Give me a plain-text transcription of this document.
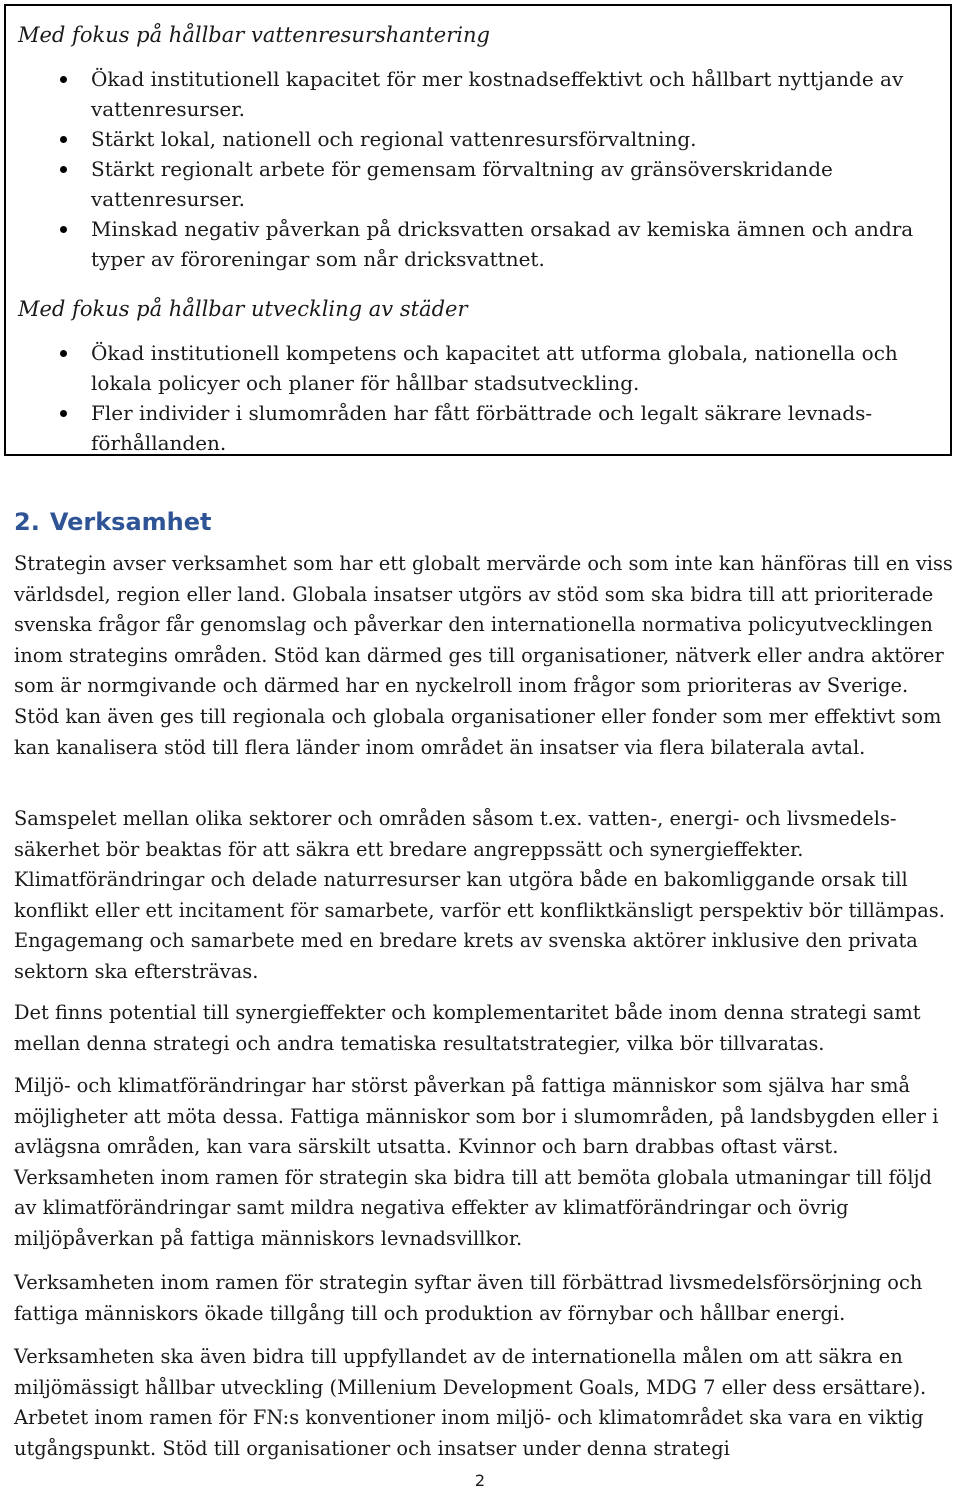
Med fokus på hållbar vattenresurshantering

Ökad institutionell kapacitet för mer kostnadseffektivt och hållbart nyttjande av vattenresurser.
Stärkt lokal, nationell och regional vattenresursförvaltning.
Stärkt regionalt arbete för gemensam förvaltning av gränsöverskridande vattenresurser.
Minskad negativ påverkan på dricksvatten orsakad av kemiska ämnen och andra typer av föroreningar som når dricksvattnet.

Med fokus på hållbar utveckling av städer

Ökad institutionell kompetens och kapacitet att utforma globala, nationella och lokala policyer och planer för hållbar stadsutveckling.
Fler individer i slumområden har fått förbättrade och legalt säkrare levnads-förhållanden.
2. Verksamhet

Strategin avser verksamhet som har ett globalt mervärde och som inte kan hänföras till en viss världsdel, region eller land. Globala insatser utgörs av stöd som ska bidra till att prioriterade svenska frågor får genomslag och påverkar den internationella normativa policyutvecklingen inom strategins områden. Stöd kan därmed ges till organisationer, nätverk eller andra aktörer som är normgivande och därmed har en nyckelroll inom frågor som prioriteras av Sverige. Stöd kan även ges till regionala och globala organisationer eller fonder som mer effektivt som kan kanalisera stöd till flera länder inom området än insatser via flera bilaterala avtal.

Samspelet mellan olika sektorer och områden såsom t.ex. vatten-, energi- och livsmedels-säkerhet bör beaktas för att säkra ett bredare angreppssätt och synergieffekter. Klimatförändringar och delade naturresurser kan utgöra både en bakomliggande orsak till konflikt eller ett incitament för samarbete, varför ett konfliktkänsligt perspektiv bör tillämpas. Engagemang och samarbete med en bredare krets av svenska aktörer inklusive den privata sektorn ska eftersträvas.

Det finns potential till synergieffekter och komplementaritet både inom denna strategi samt mellan denna strategi och andra tematiska resultatstrategier, vilka bör tillvaratas.

Miljö- och klimatförändringar har störst påverkan på fattiga människor som själva har små möjligheter att möta dessa. Fattiga människor som bor i slumområden, på landsbygden eller i avlägsna områden, kan vara särskilt utsatta. Kvinnor och barn drabbas oftast värst. Verksamheten inom ramen för strategin ska bidra till att bemöta globala utmaningar till följd av klimatförändringar samt mildra negativa effekter av klimatförändringar och övrig miljöpåverkan på fattiga människors levnadsvillkor.

Verksamheten inom ramen för strategin syftar även till förbättrad livsmedelsförsörjning och fattiga människors ökade tillgång till och produktion av förnybar och hållbar energi.

Verksamheten ska även bidra till uppfyllandet av de internationella målen om att säkra en miljömässigt hållbar utveckling (Millenium Development Goals, MDG 7 eller dess ersättare). Arbetet inom ramen för FN:s konventioner inom miljö- och klimatområdet ska vara en viktig utgångspunkt. Stöd till organisationer och insatser under denna strategi

2
